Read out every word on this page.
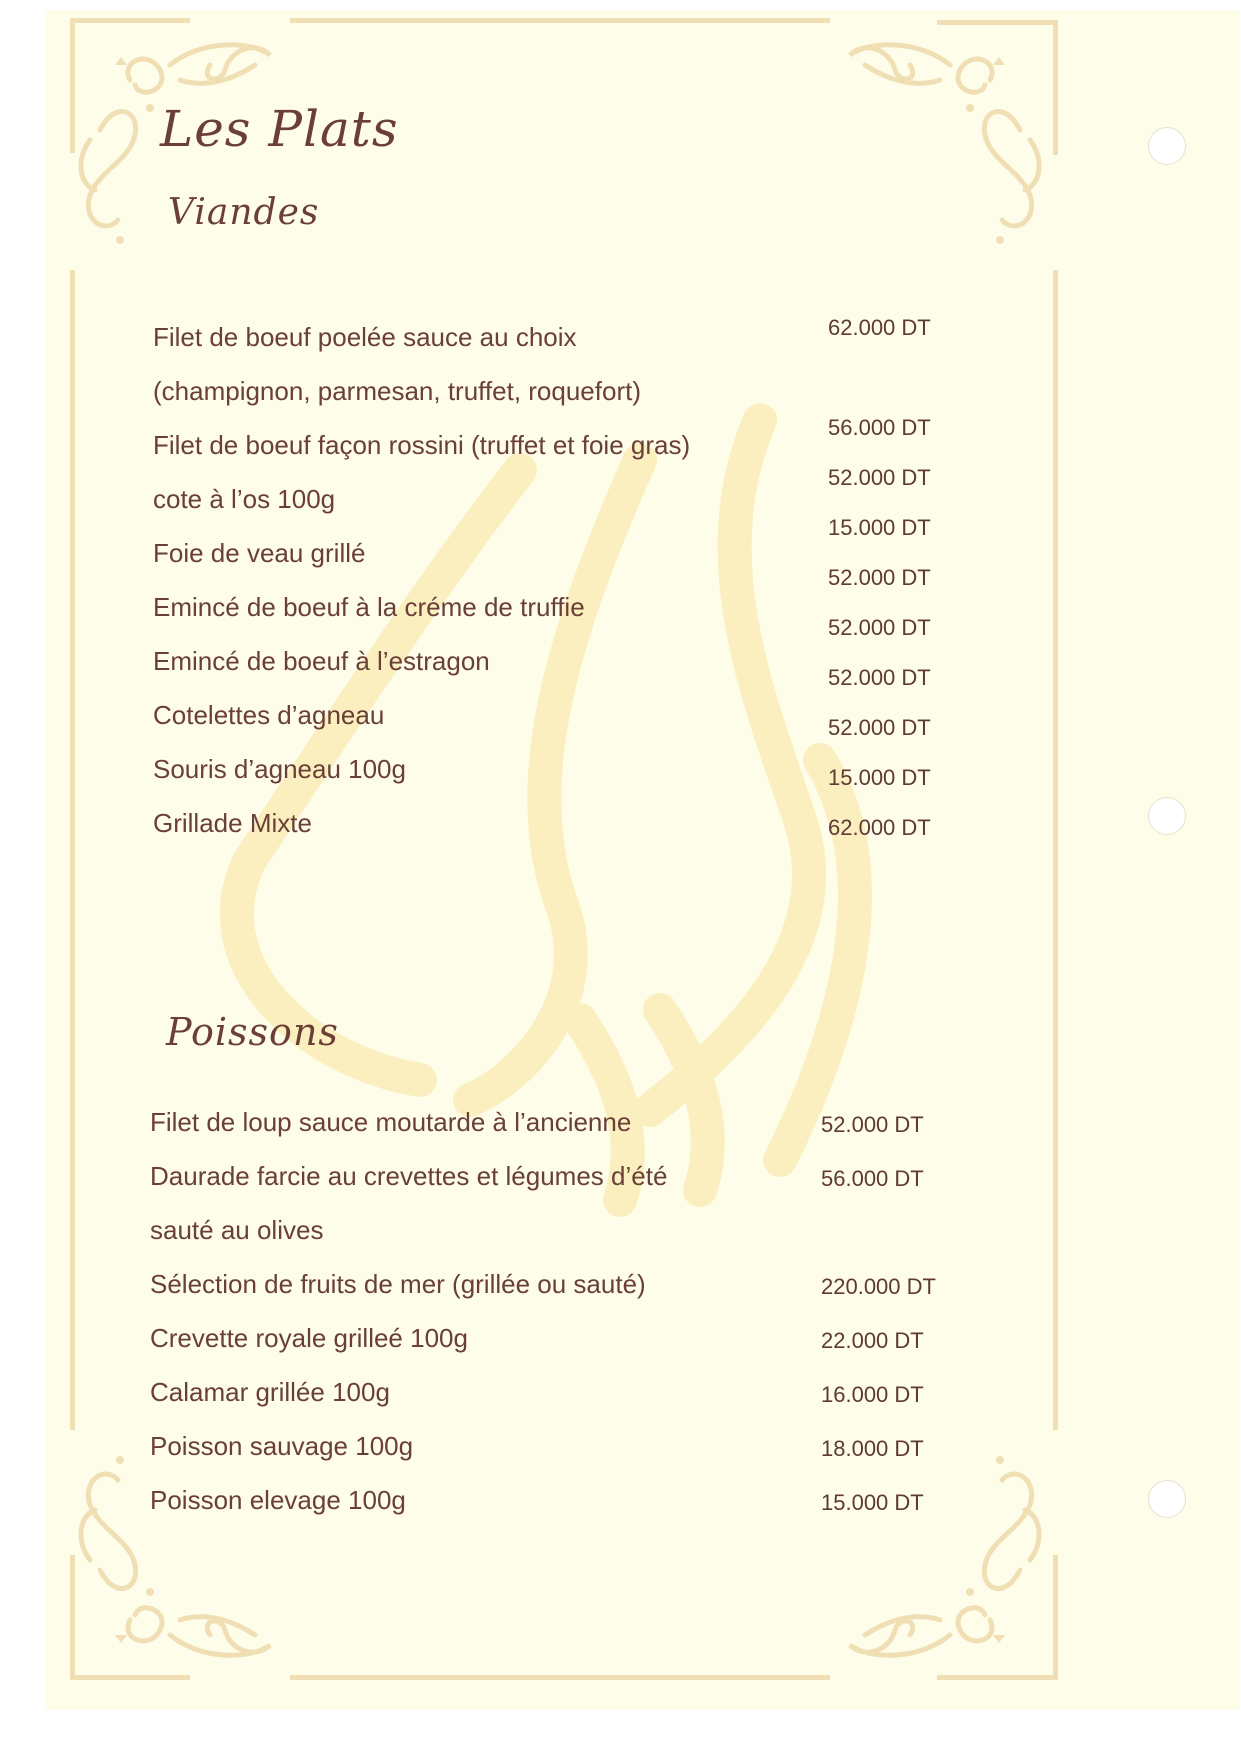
Les Plats
Viandes
Poissons
Filet de boeuf poelée sauce au choix
(champignon, parmesan, truffet, roquefort)
Filet de boeuf façon rossini (truffet et foie gras)
cote à l’os 100g
Foie de veau grillé
Emincé de boeuf à la créme de truffie
Emincé de boeuf à l’estragon
Cotelettes d’agneau
Souris d’agneau 100g
Grillade Mixte
62.000 DT
56.000 DT
52.000 DT
15.000 DT
52.000 DT
52.000 DT
52.000 DT
52.000 DT
15.000 DT
62.000 DT
Filet de loup sauce moutarde à l’ancienne
Daurade farcie au crevettes et légumes d’été
sauté au olives
Sélection de fruits de mer (grillée ou sauté)
Crevette royale grilleé 100g
Calamar grillée 100g
Poisson sauvage 100g
Poisson elevage 100g
52.000 DT
56.000 DT
220.000 DT
22.000 DT
16.000 DT
18.000 DT
15.000 DT
